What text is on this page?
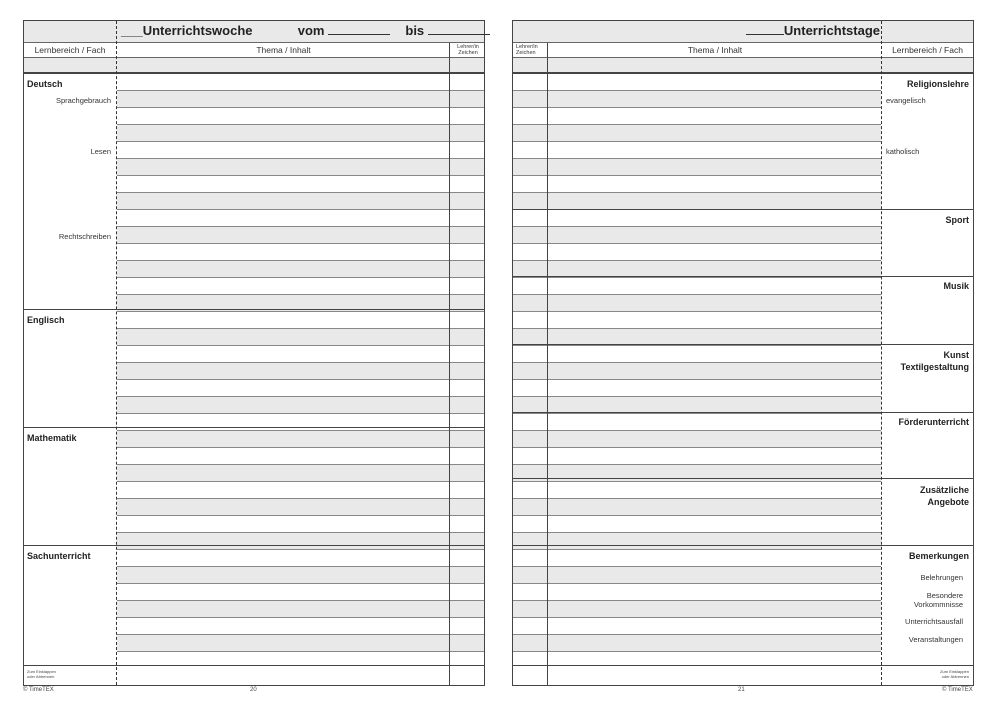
___Unterrichtswoche	vom	bis
Lernbereich / Fach	Thema / Inhalt	Lehrer/in
Zeichen
Deutsch
Sprachgebrauch
Lesen
Rechtschreiben
Englisch
Mathematik
Sachunterricht
Zum Einklappen
oder Abtrennen
© TimeTEX	20
Unterrichtstage
Lehrer/in
Zeichen	Thema / Inhalt	Lernbereich / Fach
Religionslehre
evangelisch
katholisch
Sport
Musik
Kunst
Textilgestaltung
Förderunterricht
Zusätzliche
Angebote
Bemerkungen
Belehrungen
Besondere
Vorkommnisse
Unterrichtsausfall
Veranstaltungen
Zum Einklappen
oder Abtrennen
21	© TimeTEX
